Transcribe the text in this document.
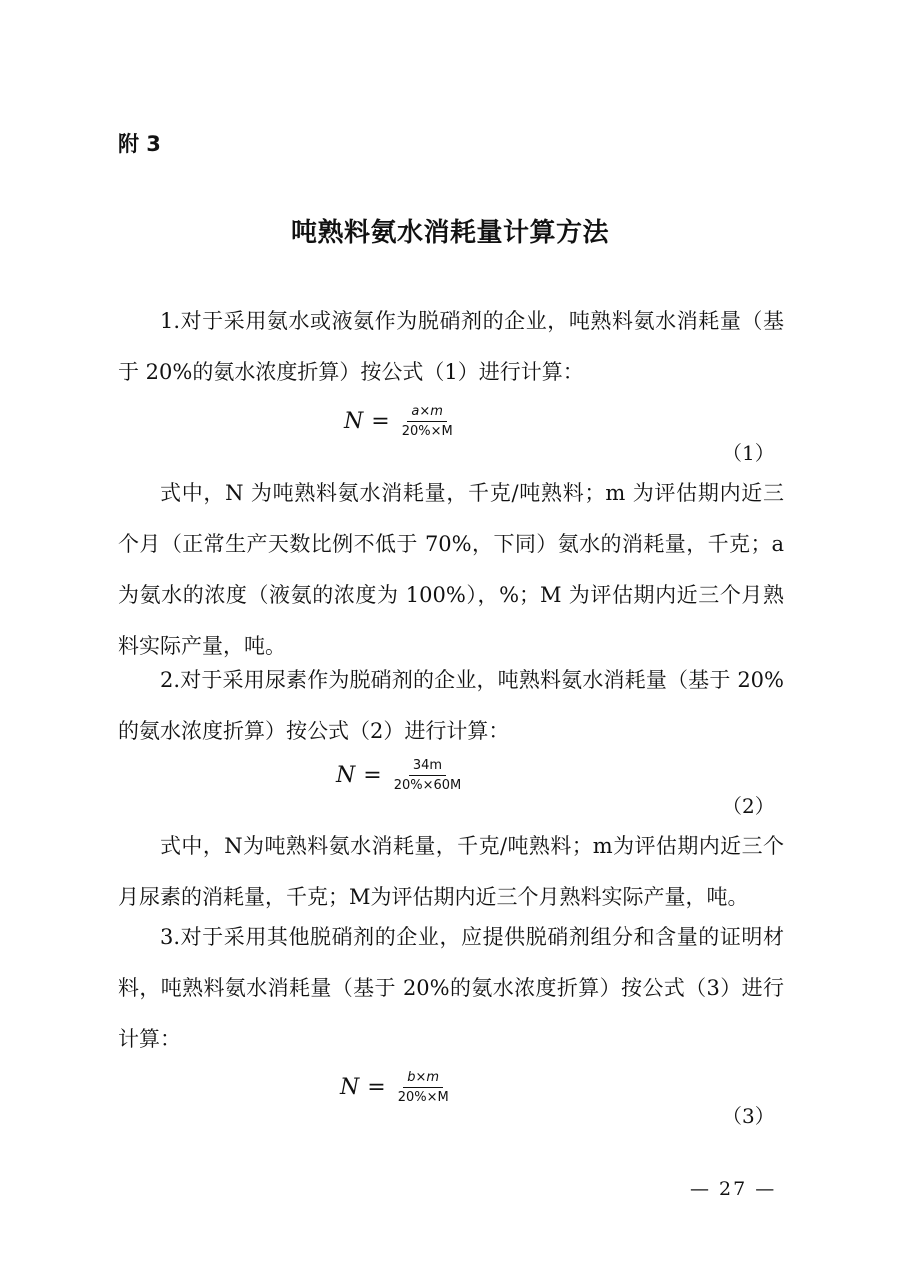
附 3
吨熟料氨水消耗量计算方法

1.对于采用氨水或液氨作为脱硝剂的企业，吨熟料氨水消耗量（基于 20%的氨水浓度折算）按公式（1）进行计算：

$N = \frac{a\times m}{20\%\times M}$
（1）

式中，N 为吨熟料氨水消耗量，千克/吨熟料；m 为评估期内近三个月（正常生产天数比例不低于 70%，下同）氨水的消耗量，千克；a 为氨水的浓度（液氨的浓度为 100%），%；M 为评估期内近三个月熟料实际产量，吨。

2.对于采用尿素作为脱硝剂的企业，吨熟料氨水消耗量（基于 20%的氨水浓度折算）按公式（2）进行计算：

$N = \frac{34m}{20\%\times 60M}$
（2）

式中，N为吨熟料氨水消耗量，千克/吨熟料；m为评估期内近三个月尿素的消耗量，千克；M为评估期内近三个月熟料实际产量，吨。

3.对于采用其他脱硝剂的企业，应提供脱硝剂组分和含量的证明材料，吨熟料氨水消耗量（基于 20%的氨水浓度折算）按公式（3）进行计算：

$N = \frac{b\times m}{20\%\times M}$
（3）
— 27 —
